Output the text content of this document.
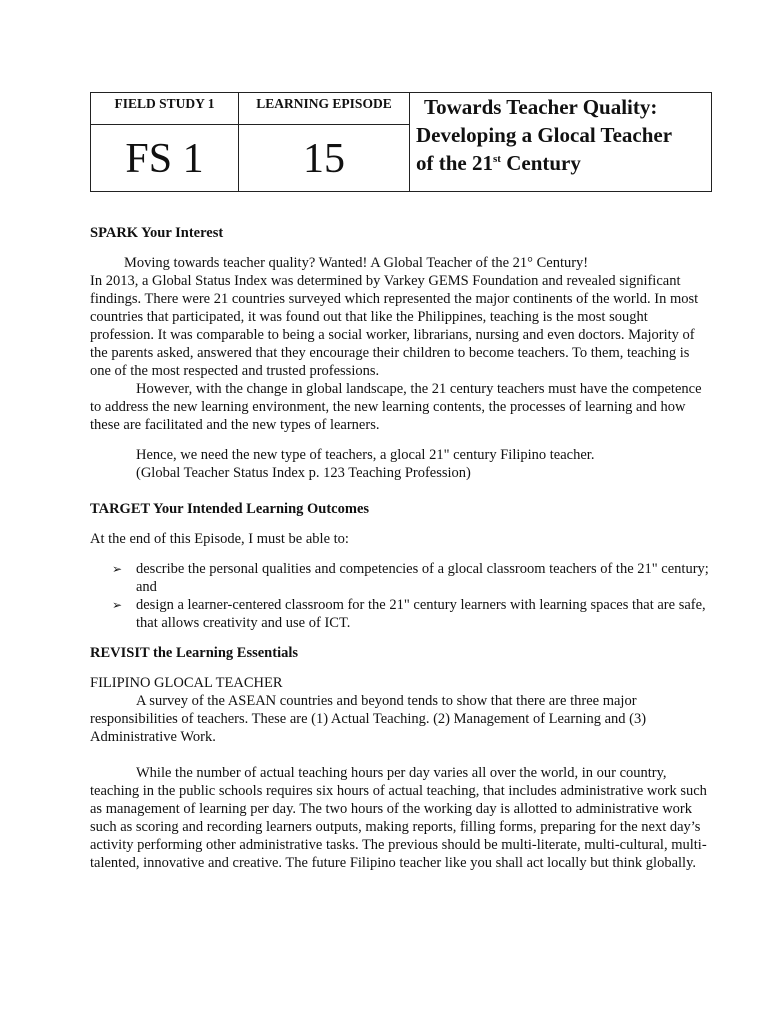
FIELD STUDY 1	LEARNING EPISODE
FS 1	15
Towards Teacher Quality:
Developing a Glocal Teacher
of the 21st Century
SPARK Your Interest

Moving towards teacher quality? Wanted! A Global Teacher of the 21° Century!

In 2013, a Global Status Index was determined by Varkey GEMS Foundation and revealed significant findings. There were 21 countries surveyed which represented the major continents of the world. In most countries that participated, it was found out that like the Philippines, teaching is the most sought profession. It was comparable to being a social worker, librarians, nursing and even doctors. Majority of the parents asked, answered that they encourage their children to become teachers. To them, teaching is one of the most respected and trusted professions.

However, with the change in global landscape, the 21 century teachers must have the competence to address the new learning environment, the new learning contents, the processes of learning and how these are facilitated and the new types of learners.

Hence, we need the new type of teachers, a glocal 21" century Filipino teacher.

(Global Teacher Status Index p. 123 Teaching Profession)

TARGET Your Intended Learning Outcomes

At the end of this Episode, I must be able to:

➢ describe the personal qualities and competencies of a glocal classroom teachers of the 21" century; and
➢ design a learner-centered classroom for the 21" century learners with learning spaces that are safe, that allows creativity and use of ICT.
REVISIT the Learning Essentials

FILIPINO GLOCAL TEACHER

A survey of the ASEAN countries and beyond tends to show that there are three major responsibilities of teachers. These are (1) Actual Teaching. (2) Management of Learning and (3) Administrative Work.

While the number of actual teaching hours per day varies all over the world, in our country, teaching in the public schools requires six hours of actual teaching, that includes administrative work such as management of learning per day. The two hours of the working day is allotted to administrative work such as scoring and recording learners outputs, making reports, filling forms, preparing for the next day’s activity performing other administrative tasks. The previous should be multi-literate, multi-cultural, multi-talented, innovative and creative. The future Filipino teacher like you shall act locally but think globally.
